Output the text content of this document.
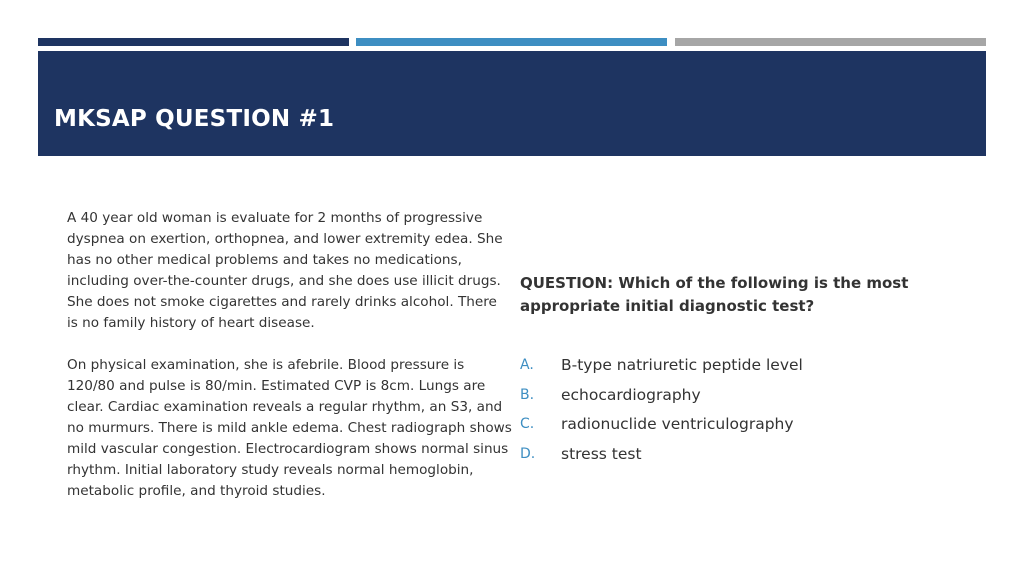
MKSAP QUESTION #1

A 40 year old woman is evaluate for 2 months of progressive dyspnea on exertion, orthopnea, and lower extremity edea. She has no other medical problems and takes no medications, including over-the-counter drugs, and she does use illicit drugs. She does not smoke cigarettes and rarely drinks alcohol. There is no family history of heart disease.

On physical examination, she is afebrile. Blood pressure is 120/80 and pulse is 80/min. Estimated CVP is 8cm. Lungs are clear. Cardiac examination reveals a regular rhythm, an S3, and no murmurs. There is mild ankle edema. Chest radiograph shows mild vascular congestion. Electrocardiogram shows normal sinus rhythm. Initial laboratory study reveals normal hemoglobin, metabolic profile, and thyroid studies.

QUESTION: Which of the following is the most appropriate initial diagnostic test?

A. B-type natriuretic peptide level
B. echocardiography
C. radionuclide ventriculography
D. stress test
